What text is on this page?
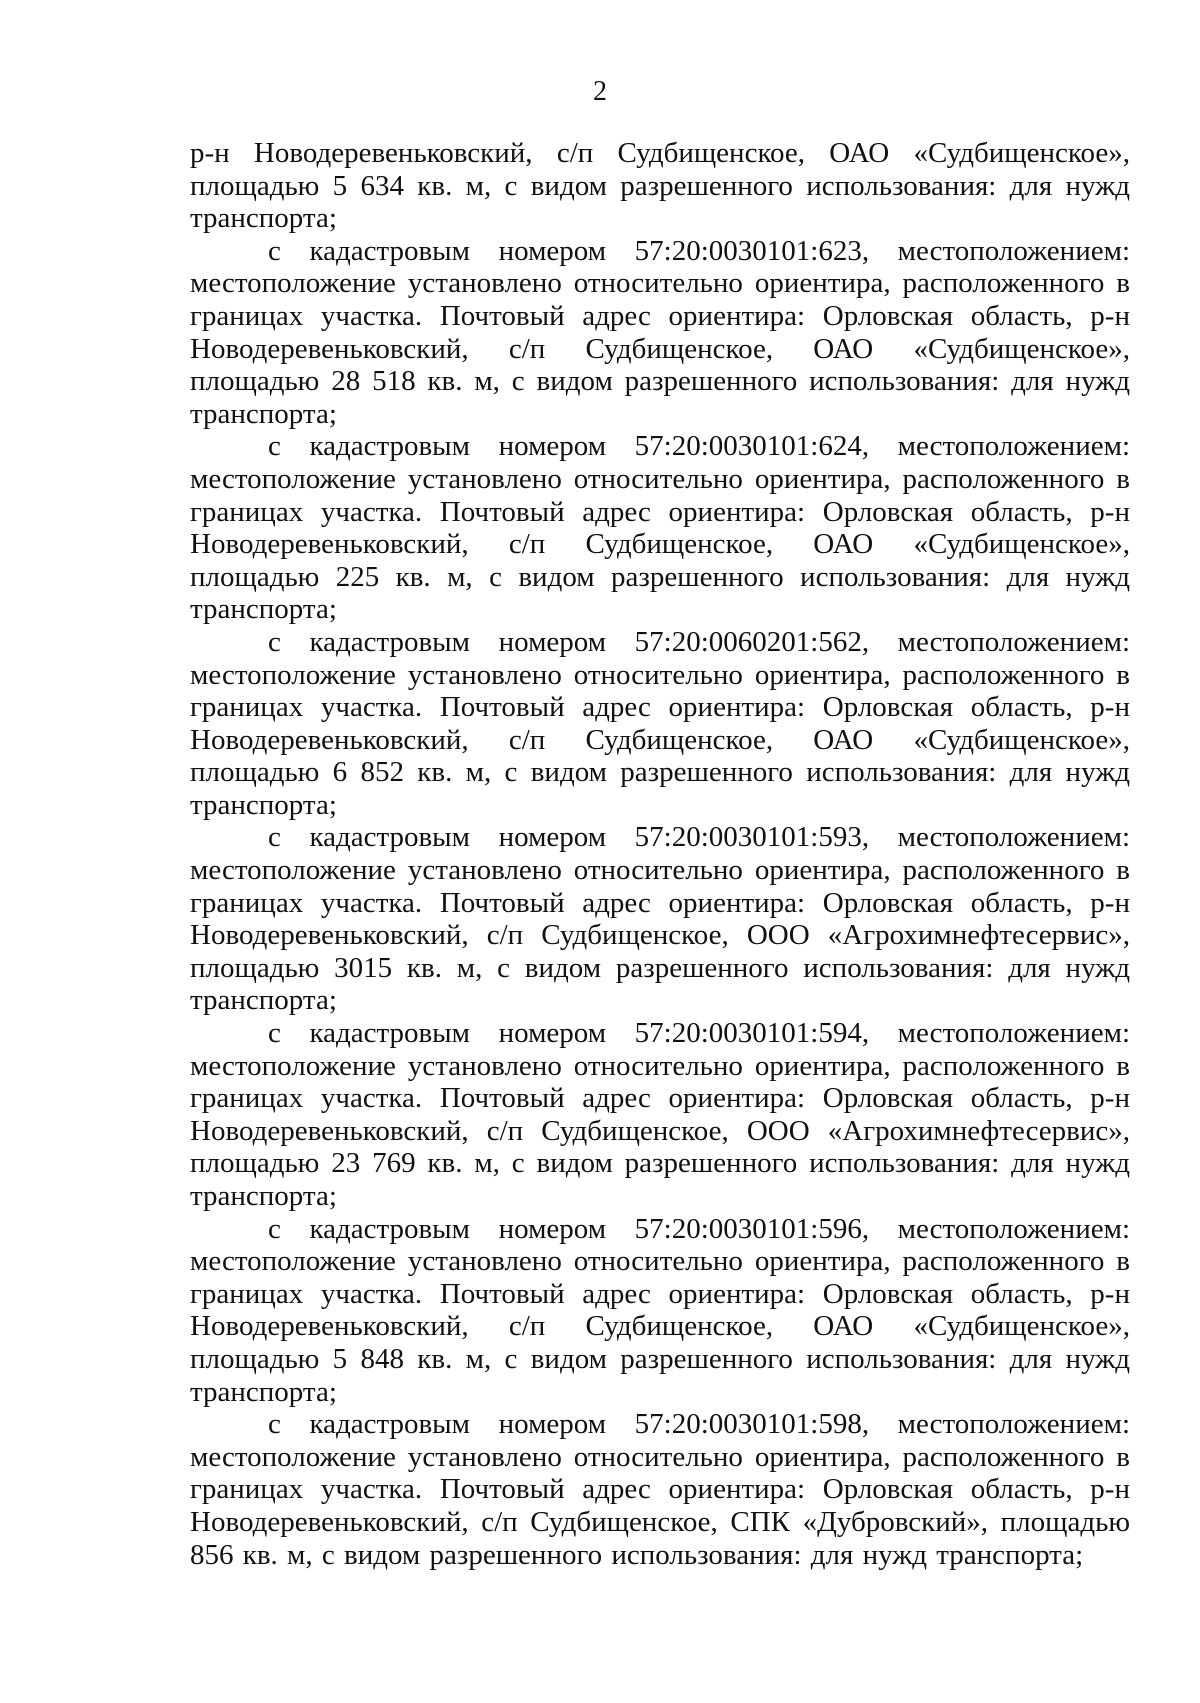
2

р-н Новодеревеньковский, с/п Судбищенское, ОАО «Судбищенское», площадью 5 634 кв. м, с видом разрешенного использования: для нужд транспорта;

с кадастровым номером 57:20:0030101:623, местоположением: местоположение установлено относительно ориентира, расположенного в границах участка. Почтовый адрес ориентира: Орловская область, р-н Новодеревеньковский, с/п Судбищенское, ОАО «Судбищенское», площадью 28 518 кв. м, с видом разрешенного использования: для нужд транспорта;

с кадастровым номером 57:20:0030101:624, местоположением: местоположение установлено относительно ориентира, расположенного в границах участка. Почтовый адрес ориентира: Орловская область, р-н Новодеревеньковский, с/п Судбищенское, ОАО «Судбищенское», площадью 225 кв. м, с видом разрешенного использования: для нужд транспорта;

с кадастровым номером 57:20:0060201:562, местоположением: местоположение установлено относительно ориентира, расположенного в границах участка. Почтовый адрес ориентира: Орловская область, р-н Новодеревеньковский, с/п Судбищенское, ОАО «Судбищенское», площадью 6 852 кв. м, с видом разрешенного использования: для нужд транспорта;

с кадастровым номером 57:20:0030101:593, местоположением: местоположение установлено относительно ориентира, расположенного в границах участка. Почтовый адрес ориентира: Орловская область, р-н Новодеревеньковский, с/п Судбищенское, ООО «Агрохимнефтесервис», площадью 3015 кв. м, с видом разрешенного использования: для нужд транспорта;

с кадастровым номером 57:20:0030101:594, местоположением: местоположение установлено относительно ориентира, расположенного в границах участка. Почтовый адрес ориентира: Орловская область, р-н Новодеревеньковский, с/п Судбищенское, ООО «Агрохимнефтесервис», площадью 23 769 кв. м, с видом разрешенного использования: для нужд транспорта;

с кадастровым номером 57:20:0030101:596, местоположением: местоположение установлено относительно ориентира, расположенного в границах участка. Почтовый адрес ориентира: Орловская область, р-н Новодеревеньковский, с/п Судбищенское, ОАО «Судбищенское», площадью 5 848 кв. м, с видом разрешенного использования: для нужд транспорта;

с кадастровым номером 57:20:0030101:598, местоположением: местоположение установлено относительно ориентира, расположенного в границах участка. Почтовый адрес ориентира: Орловская область, р-н Новодеревеньковский, с/п Судбищенское, СПК «Дубровский», площадью 856 кв. м, с видом разрешенного использования: для нужд транспорта;
